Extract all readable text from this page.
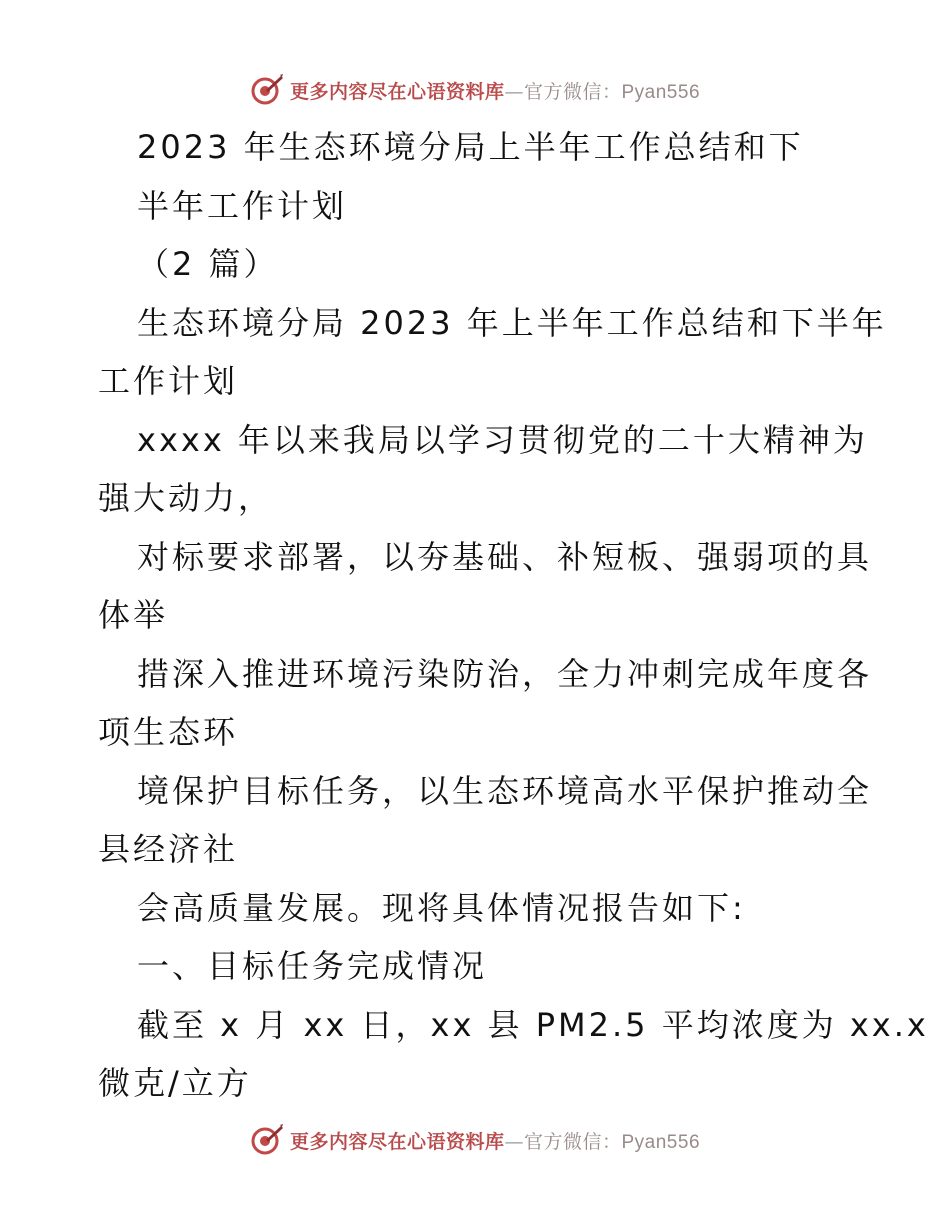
更多内容尽在心语资料库—官方微信：Pyan556
2023 年生态环境分局上半年工作总结和下
半年工作计划
（2 篇）
生态环境分局 2023 年上半年工作总结和下半年
工作计划
xxxx 年以来我局以学习贯彻党的二十大精神为
强大动力，
对标要求部署，以夯基础、补短板、强弱项的具
体举
措深入推进环境污染防治，全力冲刺完成年度各
项生态环
境保护目标任务，以生态环境高水平保护推动全
县经济社
会高质量发展。现将具体情况报告如下:
一、目标任务完成情况
截至 x 月 xx 日，xx 县 PM2.5 平均浓度为 xx.x
微克/立方
更多内容尽在心语资料库—官方微信：Pyan556
